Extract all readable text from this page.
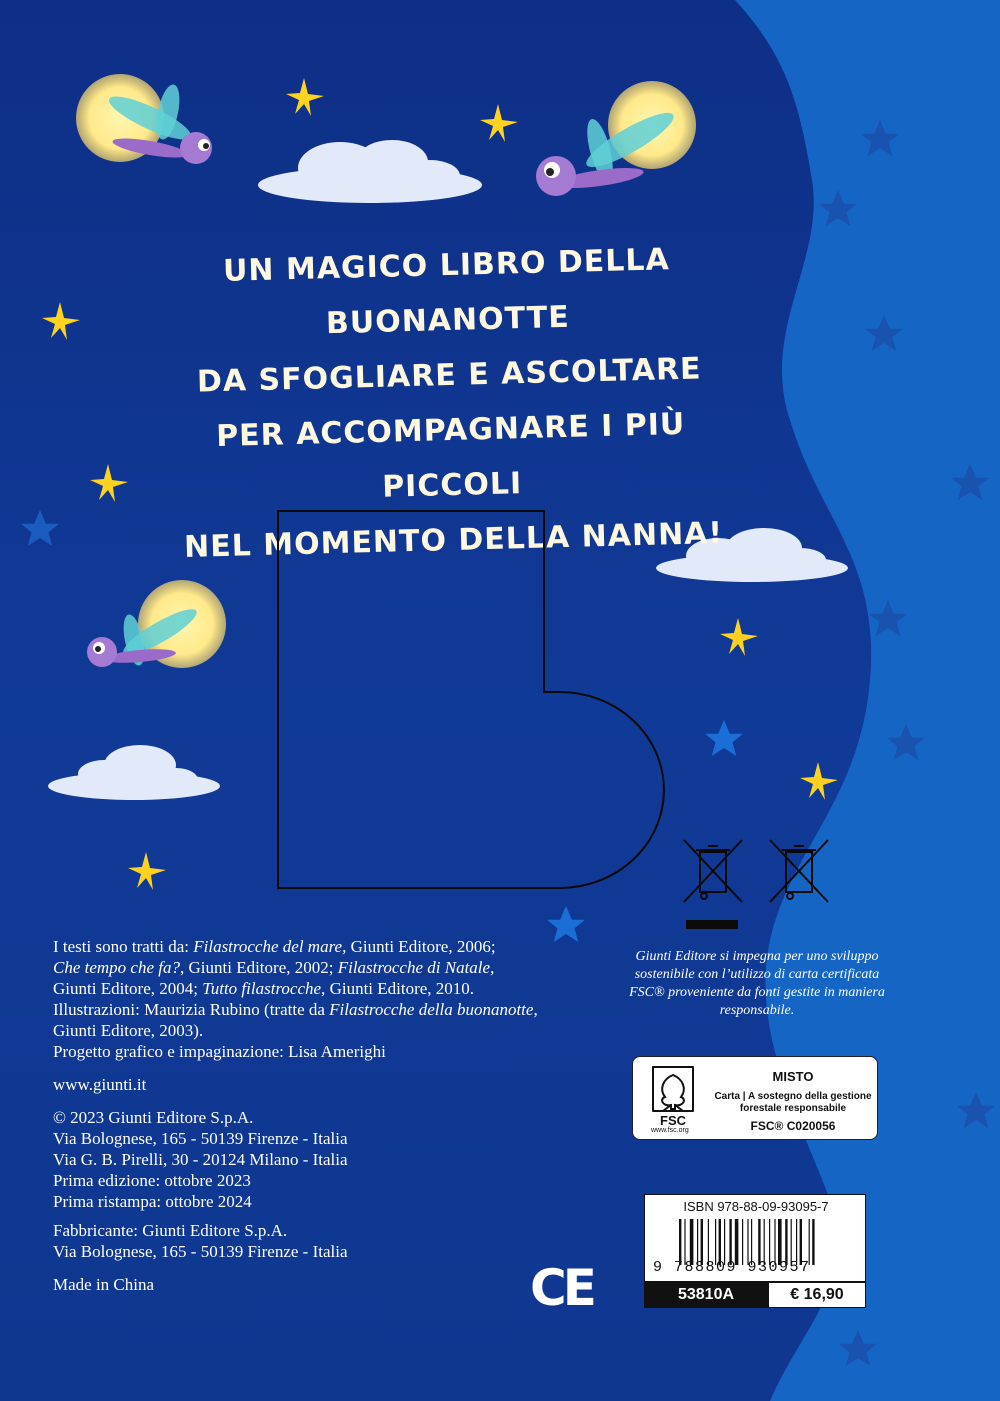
UN MAGICO LIBRO DELLA BUONANOTTE
DA SFOGLIARE E ASCOLTARE
PER ACCOMPAGNARE I PIÙ PICCOLI
NEL MOMENTO DELLA NANNA!

I testi sono tratti da: Filastrocche del mare, Giunti Editore, 2006;

Che tempo che fa?, Giunti Editore, 2002; Filastrocche di Natale,

Giunti Editore, 2004; Tutto filastrocche, Giunti Editore, 2010.

Illustrazioni: Maurizia Rubino (tratte da Filastrocche della buonanotte,

Giunti Editore, 2003).

Progetto grafico e impaginazione: Lisa Amerighi

www.giunti.it

© 2023 Giunti Editore S.p.A.

Via Bolognese, 165 - 50139 Firenze - Italia

Via G. B. Pirelli, 30 - 20124 Milano - Italia

Prima edizione: ottobre 2023

Prima ristampa: ottobre 2024

Fabbricante: Giunti Editore S.p.A.

Via Bolognese, 165 - 50139 Firenze - Italia

Made in China

Giunti Editore si impegna per uno sviluppo sostenibile con l’utilizzo di carta certificata FSC® proveniente da fonti gestite in maniera responsabile.
FSC
www.fsc.org
MISTO
Carta | A sostegno della gestione forestale responsabile
FSC® C020056
ISBN 978-88-09-93095-7
9 788809 930957
53810A	€ 16,90
CE
